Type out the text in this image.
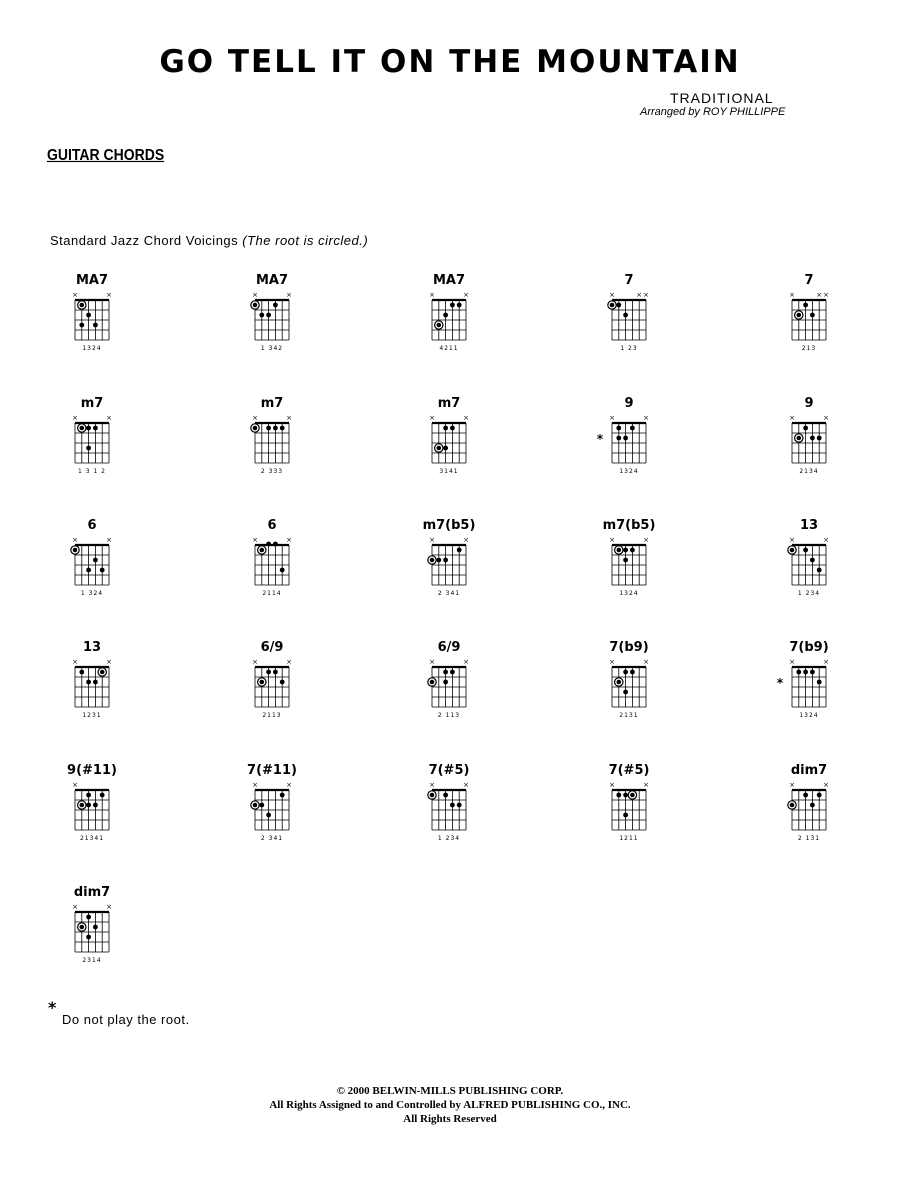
GO TELL IT ON THE MOUNTAIN
TRADITIONAL
Arranged by ROY PHILLIPPE
GUITAR CHORDS
Standard Jazz Chord Voicings (The root is circled.)
MA7
×	×
1324
MA7
×	×
1 342
MA7
×	×
4211
7
×	× ×
1 23
7
×	× ×
213
m7
×	×
1 3 1 2
m7
×	×
2 333
m7
×	×
3141
9
×	×
1324
*
9
×	×
2134
6
×	×
1 324
6
×	×
2114
m7(b5)
×	×
2 341
m7(b5)
×	×
1324
13
×	×
1 234
13
×	×
1231
6/9
×	×
2113
6/9
×	×
2 113
7(b9)
×	×
2131
7(b9)
×	×
1324
*
9(#11)
×
21341
7(#11)
×	×
2 341
7(#5)
×	×
1 234
7(#5)
×	×
1211
dim7
×	×
2 131
dim7
×	×
2314
*
Do not play the root.
© 2000 BELWIN-MILLS PUBLISHING CORP.
All Rights Assigned to and Controlled by ALFRED PUBLISHING CO., INC.
All Rights Reserved
